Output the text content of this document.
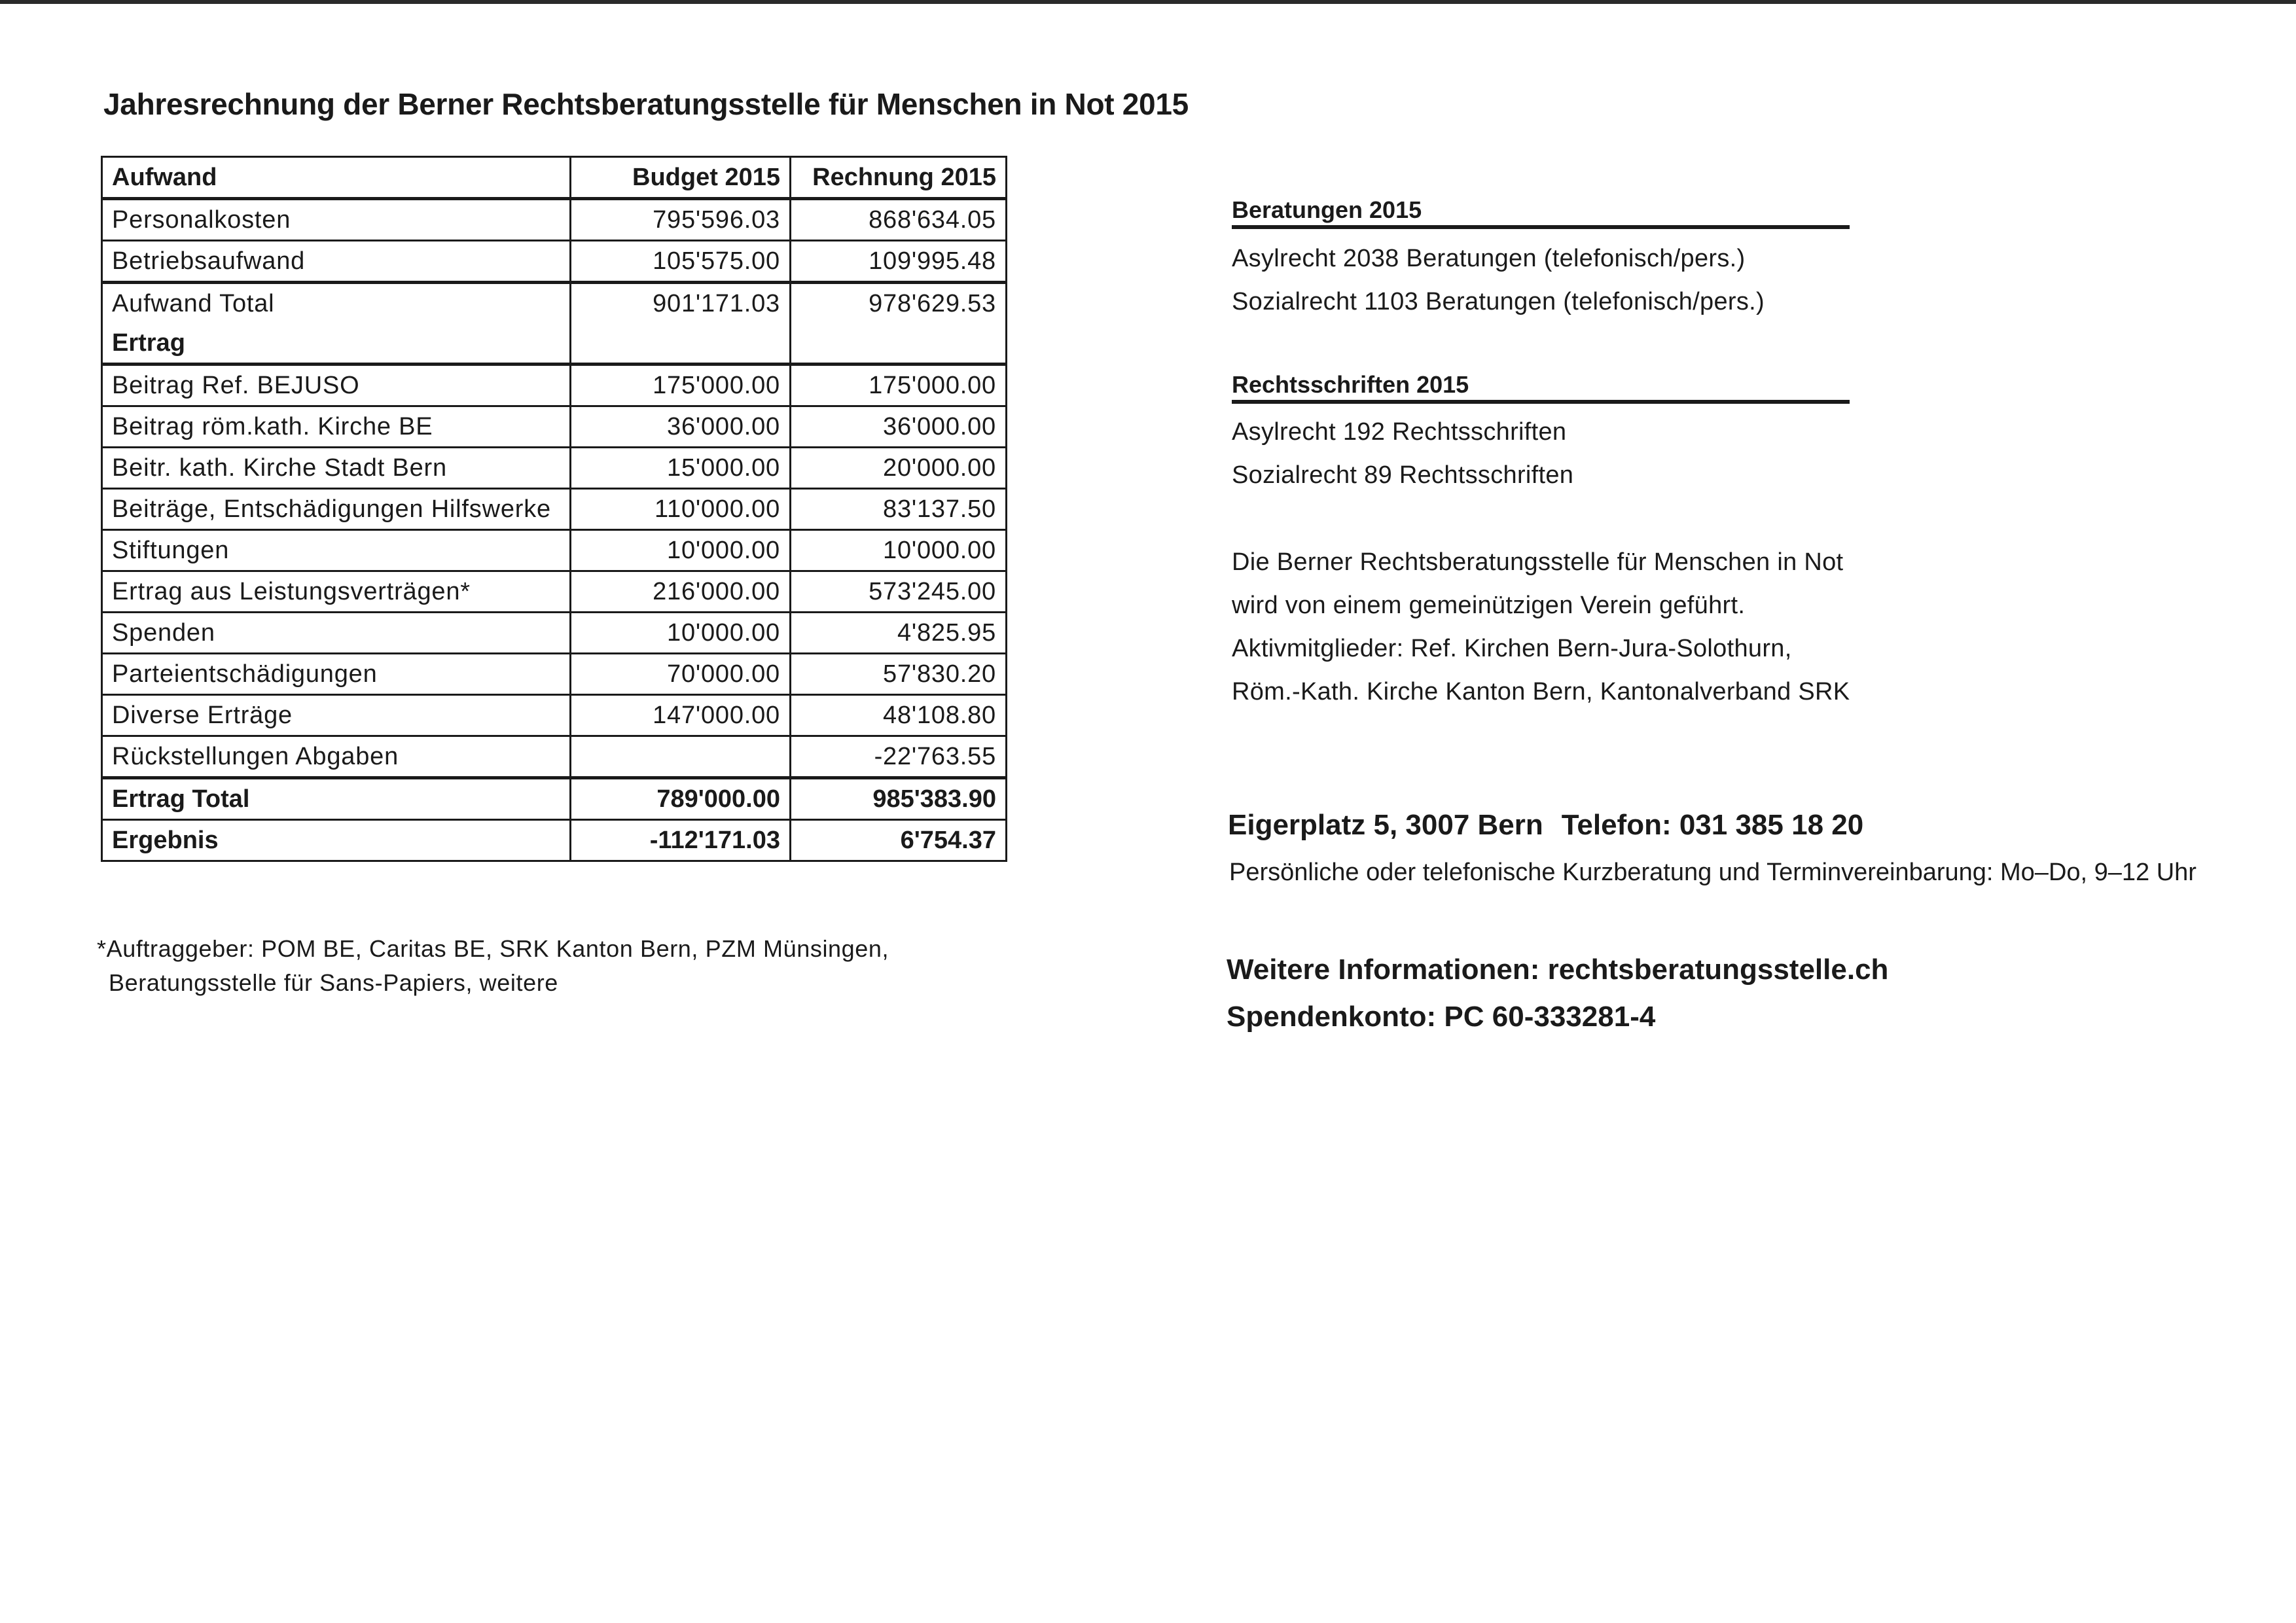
Jahresrechnung der Berner Rechtsberatungsstelle für Menschen in Not 2015
Aufwand	Budget 2015	Rechnung 2015
Personalkosten	795'596.03	868'634.05
Betriebsaufwand	105'575.00	109'995.48
Aufwand Total	901'171.03	978'629.53
Ertrag		
Beitrag Ref. BEJUSO	175'000.00	175'000.00
Beitrag röm.kath. Kirche BE	36'000.00	36'000.00
Beitr. kath. Kirche Stadt Bern	15'000.00	20'000.00
Beiträge, Entschädigungen Hilfswerke	110'000.00	83'137.50
Stiftungen	10'000.00	10'000.00
Ertrag aus Leistungsverträgen*	216'000.00	573'245.00
Spenden	10'000.00	4'825.95
Parteientschädigungen	70'000.00	57'830.20
Diverse Erträge	147'000.00	48'108.80
Rückstellungen Abgaben		-22'763.55
Ertrag Total	789'000.00	985'383.90
Ergebnis	-112'171.03	6'754.37
*Auftraggeber: POM BE, Caritas BE, SRK Kanton Bern, PZM Münsingen,
Beratungsstelle für Sans-Papiers, weitere
Beratungen 2015
Asylrecht 2038 Beratungen (telefonisch/pers.)
Sozialrecht 1103 Beratungen (telefonisch/pers.)
Rechtsschriften 2015
Asylrecht 192 Rechtsschriften
Sozialrecht 89 Rechtsschriften
Die Berner Rechtsberatungsstelle für Menschen in Not
wird von einem gemeinützigen Verein geführt.
Aktivmitglieder: Ref. Kirchen Bern-Jura-Solothurn,
Röm.-Kath. Kirche Kanton Bern, Kantonalverband SRK
Eigerplatz 5, 3007 Bern Telefon: 031 385 18 20
Persönliche oder telefonische Kurzberatung und Terminvereinbarung: Mo–Do, 9–12 Uhr
Weitere Informationen: rechtsberatungsstelle.ch
Spendenkonto: PC 60-333281-4
